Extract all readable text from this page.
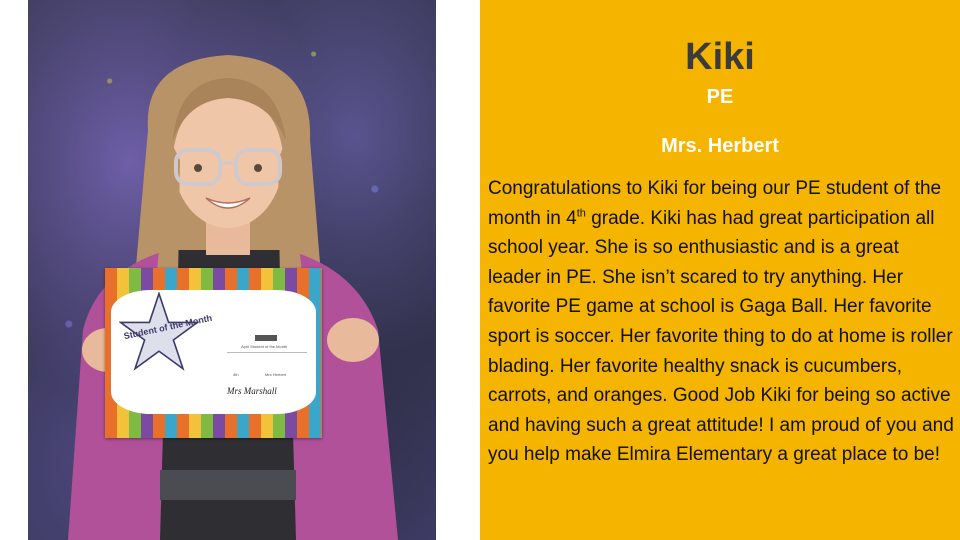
Student of the Month
April Student of the Month
4th	Mrs Herbert
Mrs Marshall
Kiki
PE
Mrs. Herbert
Congratulations to Kiki for being our PE student of the month in 4th grade. Kiki has had great participation all school year. She is so enthusiastic and is a great leader in PE. She isn’t scared to try anything. Her favorite PE game at school is Gaga Ball. Her favorite sport is soccer. Her favorite thing to do at home is roller blading. Her favorite healthy snack is cucumbers, carrots, and oranges. Good Job Kiki for being so active and having such a great attitude! I am proud of you and you help make Elmira Elementary a great place to be!
